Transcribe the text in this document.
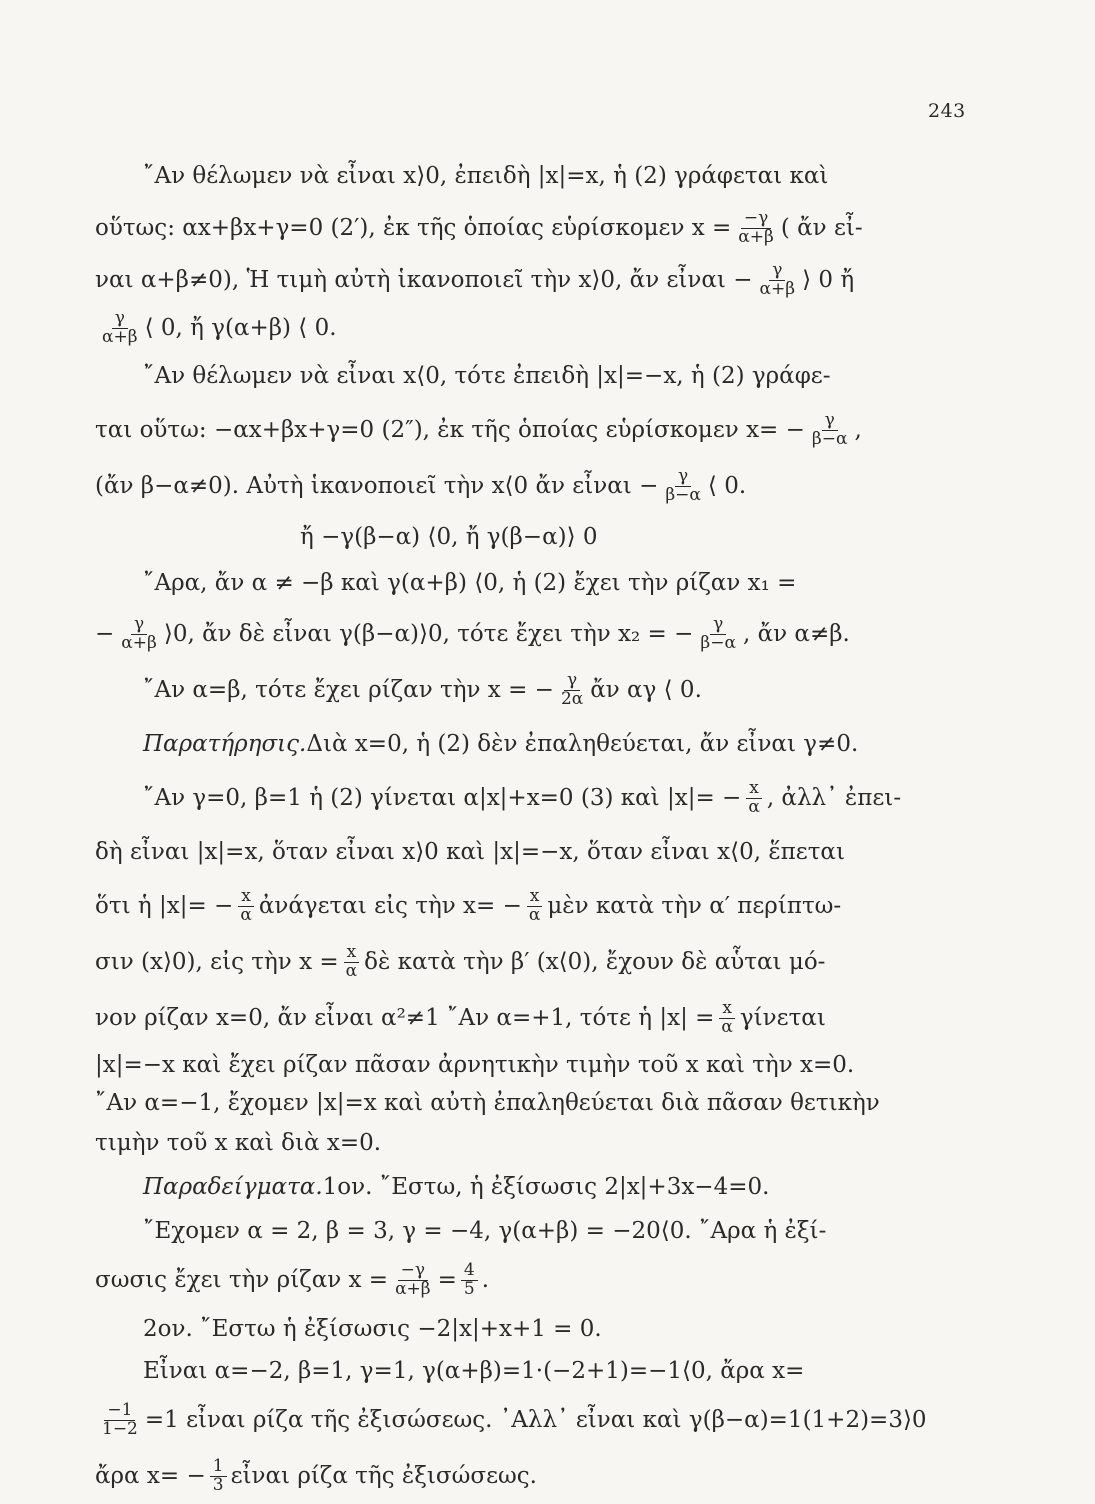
243
῎Αν θέλωμεν νὰ εἶναι x⟩0, ἐπειδὴ |x|=x, ἡ (2) γράφεται καὶ
οὕτως: αx+βx+γ=0 (2′), ἐκ τῆς ὁποίας εὑρίσκομεν $x = \frac{-\gamma}{\alpha+\beta}$ ( ἄν εἶ-
ναι α+β≠0), Ἡ τιμὴ αὐτὴ ἱκανοποιεῖ τὴν x⟩0, ἄν εἶναι − $\frac{\gamma}{\alpha+\beta}$ ⟩ 0 ἤ
$\frac{\gamma}{\alpha+\beta}$ ⟨ 0, ἤ γ(α+β) ⟨ 0.
῎Αν θέλωμεν νὰ εἶναι x⟨0, τότε ἐπειδὴ |x|=−x, ἡ (2) γράφε-
ται οὕτω: −αx+βx+γ=0 (2″), ἐκ τῆς ὁποίας εὑρίσκομεν $x= - \frac{\gamma}{\beta-\alpha}$ ,
(ἄν β−α≠0). Αὐτὴ ἱκανοποιεῖ τὴν x⟨0 ἄν εἶναι − $\frac{\gamma}{\beta-\alpha}$ ⟨ 0.
ἤ −γ(β−α) ⟨0, ἤ γ(β−α)⟩ 0
῎Αρα, ἄν α ≠ −β καὶ γ(α+β) ⟨0, ἡ (2) ἔχει τὴν ρίζαν x₁ =
− $\frac{\gamma}{\alpha+\beta}$ ⟩0, ἄν δὲ εἶναι γ(β−α)⟩0, τότε ἔχει τὴν x₂ = − $\frac{\gamma}{\beta-\alpha}$ , ἄν α≠β.
῎Αν α=β, τότε ἔχει ρίζαν τὴν x = − $\frac{\gamma}{2\alpha}$ ἄν αγ ⟨ 0.
Παρατήρησις. Διὰ x=0, ἡ (2) δὲν ἐπαληθεύεται, ἄν εἶναι γ≠0.
῎Αν γ=0, β=1 ἡ (2) γίνεται α|x|+x=0 (3) καὶ $|x|= - \frac{x}{\alpha}$ , ἀλλ᾽ ἐπει-
δὴ εἶναι |x|=x, ὅταν εἶναι x⟩0 καὶ |x|=−x, ὅταν εἶναι x⟨0, ἕπεται
ὅτι ἡ $|x|= - \frac{x}{\alpha}$ ἀνάγεται εἰς τὴν $x= - \frac{x}{\alpha}$ μὲν κατὰ τὴν α′ περίπτω-
σιν (x⟩0), εἰς τὴν $x = \frac{x}{\alpha}$ δὲ κατὰ τὴν β′ (x⟨0), ἔχουν δὲ αὗται μό-
νον ρίζαν x=0, ἄν εἶναι α²≠1 ῎Αν α=+1, τότε ἡ $|x| = \frac{x}{\alpha}$ γίνεται
|x|=−x καὶ ἔχει ρίζαν πᾶσαν ἀρνητικὴν τιμὴν τοῦ x καὶ τὴν x=0.
῎Αν α=−1, ἔχομεν |x|=x καὶ αὐτὴ ἐπαληθεύεται διὰ πᾶσαν θετικὴν
τιμὴν τοῦ x καὶ διὰ x=0.
Παραδείγματα. 1ον. ῎Εστω, ἡ ἐξίσωσις 2|x|+3x−4=0.
῎Εχομεν α = 2, β = 3, γ = −4, γ(α+β) = −20⟨0. ῎Αρα ἡ ἐξί-
σωσις ἔχει τὴν ρίζαν $x = \frac{-\gamma}{\alpha+\beta} = \frac{4}{5}$ .
2ον. ῎Εστω ἡ ἐξίσωσις −2|x|+x+1 = 0.
Εἶναι α=−2, β=1, γ=1, γ(α+β)=1·(−2+1)=−1⟨0, ἄρα x=
$\frac{-1}{1-2} =1$ εἶναι ρίζα τῆς ἐξισώσεως. ᾽Αλλ᾽ εἶναι καὶ γ(β−α)=1(1+2)=3⟩0
ἄρα $x= - \frac{1}{3}$ εἶναι ρίζα τῆς ἐξισώσεως.
